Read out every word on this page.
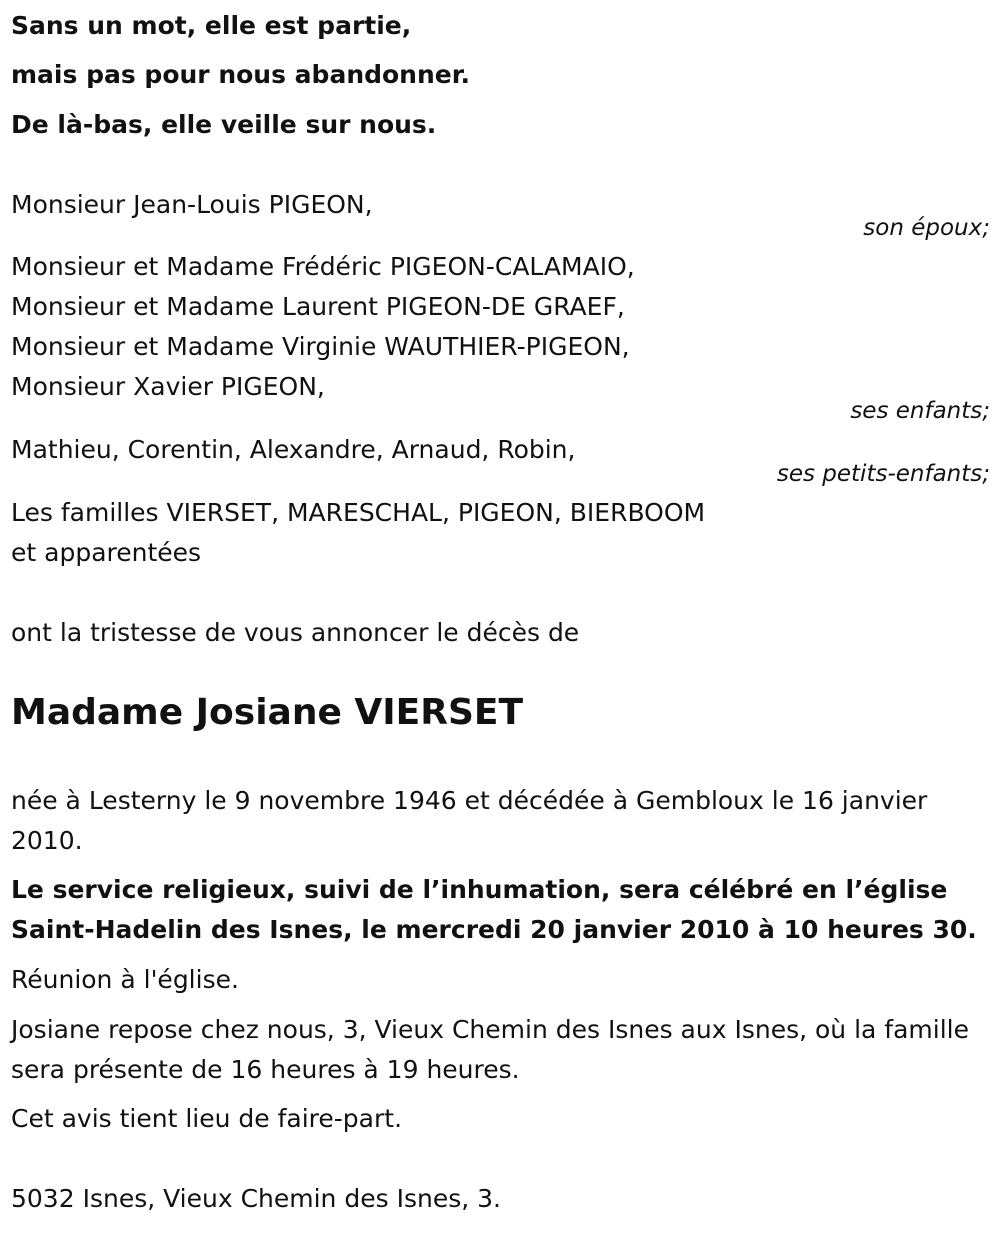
Sans un mot, elle est partie,

mais pas pour nous abandonner.

De là-bas, elle veille sur nous.

Monsieur Jean-Louis PIGEON,

son époux;

Monsieur et Madame Frédéric PIGEON-CALAMAIO,

Monsieur et Madame Laurent PIGEON-DE GRAEF,

Monsieur et Madame Virginie WAUTHIER-PIGEON,

Monsieur Xavier PIGEON,

ses enfants;

Mathieu, Corentin, Alexandre, Arnaud, Robin,

ses petits-enfants;

Les familles VIERSET, MARESCHAL, PIGEON, BIERBOOM

et apparentées

ont la tristesse de vous annoncer le décès de

Madame Josiane VIERSET

née à Lesterny le 9 novembre 1946 et décédée à Gembloux le 16 janvier 2010.

Le service religieux, suivi de l’inhumation, sera célébré en l’église Saint-Hadelin des Isnes, le mercredi 20 janvier 2010 à 10 heures 30.

Réunion à l'église.

Josiane repose chez nous, 3, Vieux Chemin des Isnes aux Isnes, où la famille sera présente de 16 heures à 19 heures.

Cet avis tient lieu de faire-part.

5032 Isnes, Vieux Chemin des Isnes, 3.
